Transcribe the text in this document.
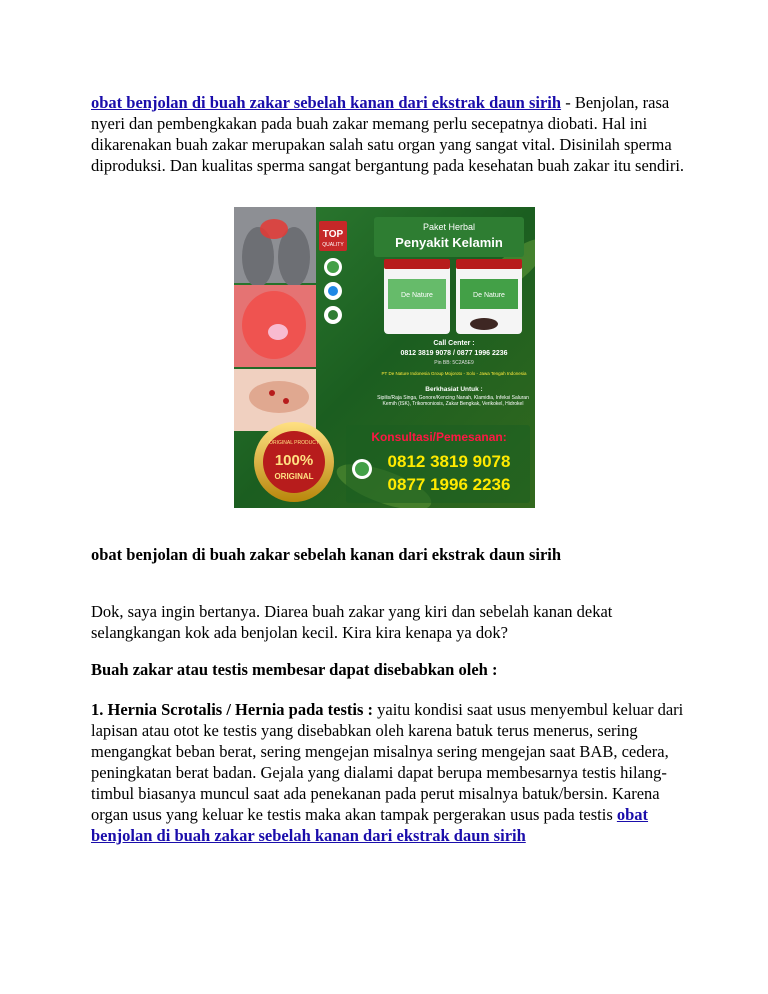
obat benjolan di buah zakar sebelah kanan dari ekstrak daun sirih - Benjolan, rasa nyeri dan pembengkakan pada buah zakar memang perlu secepatnya diobati. Hal ini dikarenakan buah zakar merupakan salah satu organ yang sangat vital. Disinilah sperma diproduksi. Dan kualitas sperma sangat bergantung pada kesehatan buah zakar itu sendiri.

TOP
QUALITY
Paket Herbal
Penyakit Kelamin
De Nature	De Nature
Call Center :
0812 3819 9078 / 0877 1996 2236
Pin BB: 5C2A5E9
PT De Nature Indonesia Group Mojoroto - Solo - Jawa Tengah Indonesia
Berkhasiat Untuk :
Sipilis/Raja Singa, Gonore/Kencing Nanah, Klamidia, Infeksi Saluran Kemih (ISK), Trikomoniosis, Zakar Bengkak, Verikokel, Hidrokel
ORIGINAL PRODUCT
100%
ORIGINAL
Konsultasi/Pemesanan:
0812 3819 9078
0877 1996 2236

obat benjolan di buah zakar sebelah kanan dari ekstrak daun sirih

Dok, saya ingin bertanya. Diarea buah zakar yang kiri dan sebelah kanan dekat selangkangan kok ada benjolan kecil. Kira kira kenapa ya dok?

Buah zakar atau testis membesar dapat disebabkan oleh :

1. Hernia Scrotalis / Hernia pada testis : yaitu kondisi saat usus menyembul keluar dari lapisan atau otot ke testis yang disebabkan oleh karena batuk terus menerus, sering mengangkat beban berat, sering mengejan misalnya sering mengejan saat BAB, cedera, peningkatan berat badan. Gejala yang dialami dapat berupa membesarnya testis hilang-timbul biasanya muncul saat ada penekanan pada perut misalnya batuk/bersin. Karena organ usus yang keluar ke testis maka akan tampak pergerakan usus pada testis obat benjolan di buah zakar sebelah kanan dari ekstrak daun sirih
